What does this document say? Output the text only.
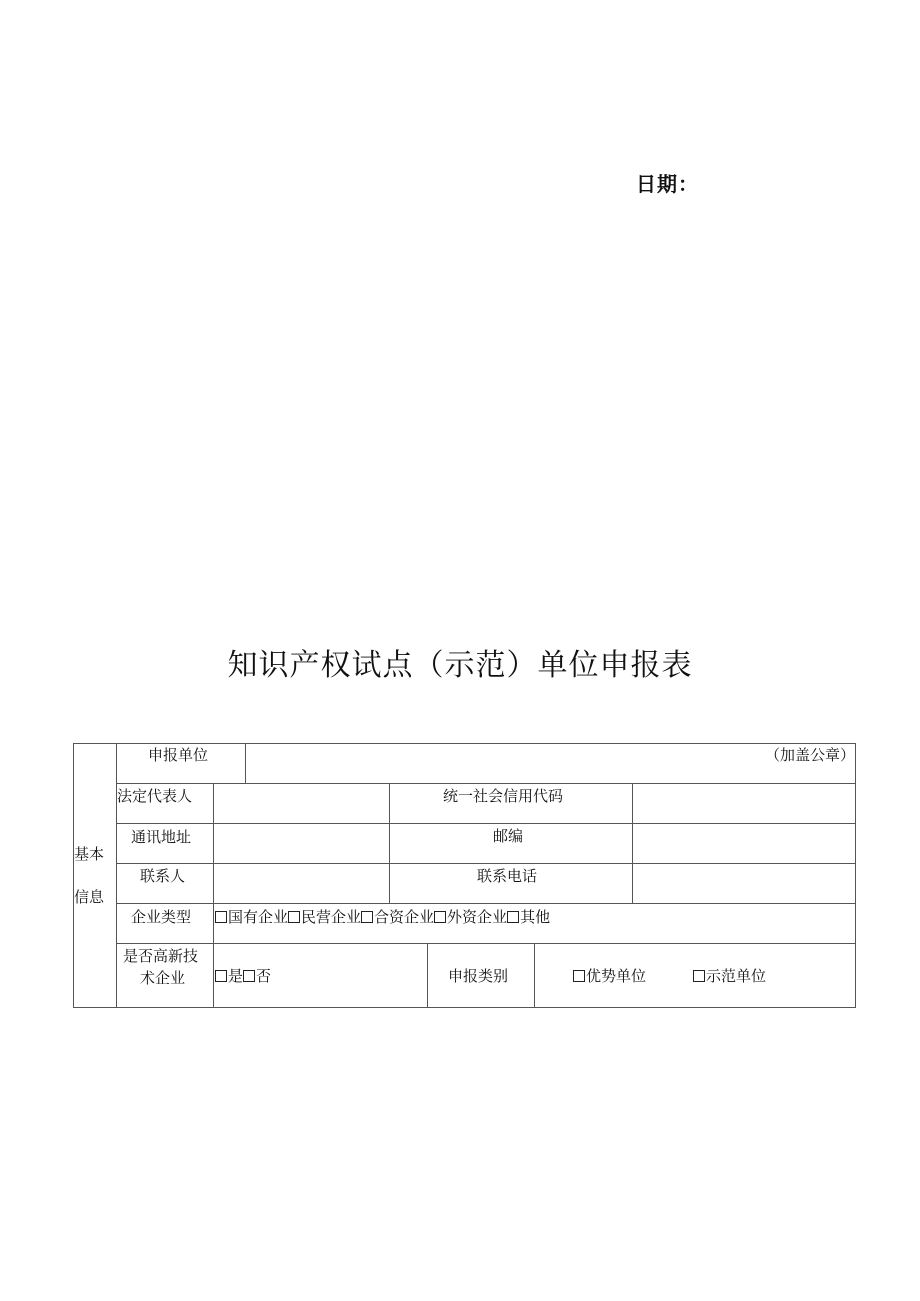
日期：
知识产权试点（示范）单位申报表
基本
信息
申报单位	（加盖公章）
法定代表人	统一社会信用代码
通讯地址	邮编
联系人	联系电话
企业类型	国有企业 民营企业 合资企业 外资企业 其他
是否高新技
术企业	是 否	申报类别	优势单位	示范单位
